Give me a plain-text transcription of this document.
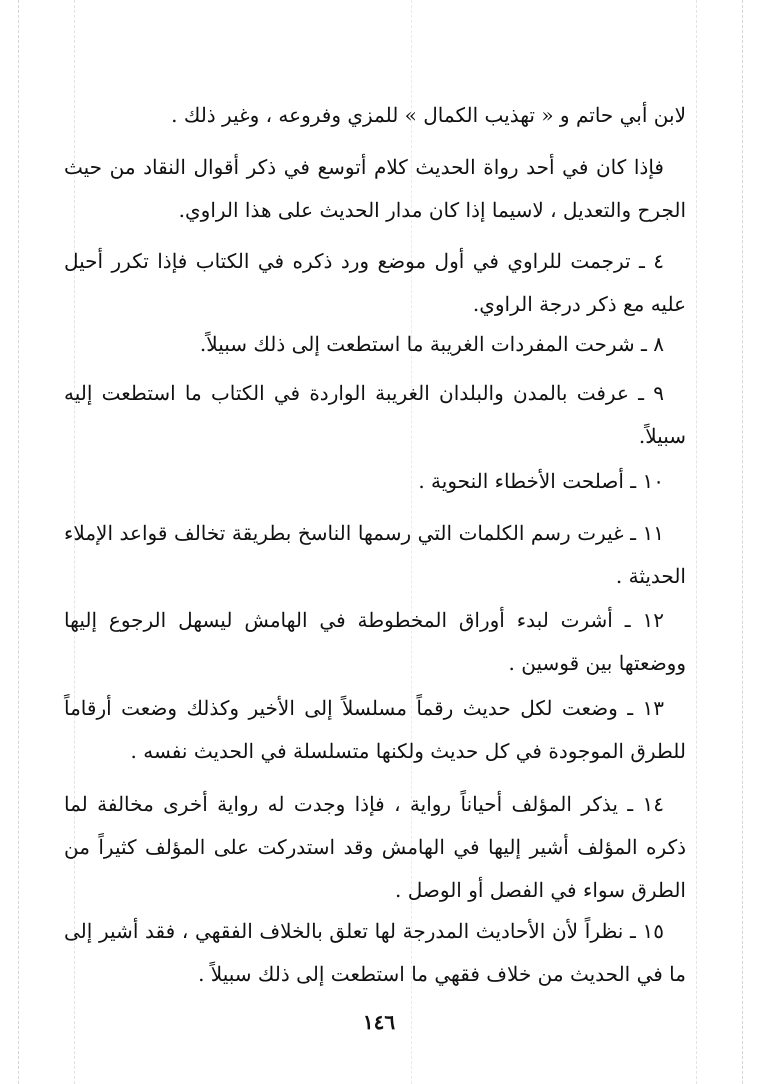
لابن أبي حاتم و « تهذيب الكمال » للمزي وفروعه ، وغير ذلك .

فإذا كان في أحد رواة الحديث كلام أتوسع في ذكر أقوال النقاد من حيث الجرح والتعديل ، لاسيما إذا كان مدار الحديث على هذا الراوي.

٤ ـ ترجمت للراوي في أول موضع ورد ذكره في الكتاب فإذا تكرر أحيل عليه مع ذكر درجة الراوي.

٨ ـ شرحت المفردات الغريبة ما استطعت إلى ذلك سبيلاً.

٩ ـ عرفت بالمدن والبلدان الغريبة الواردة في الكتاب ما استطعت إليه سبيلاً.

١٠ ـ أصلحت الأخطاء النحوية .

١١ ـ غيرت رسم الكلمات التي رسمها الناسخ بطريقة تخالف قواعد الإملاء الحديثة .

١٢ ـ أشرت لبدء أوراق المخطوطة في الهامش ليسهل الرجوع إليها ووضعتها بين قوسين .

١٣ ـ وضعت لكل حديث رقماً مسلسلاً إلى الأخير وكذلك وضعت أرقاماً للطرق الموجودة في كل حديث ولكنها متسلسلة في الحديث نفسه .

١٤ ـ يذكر المؤلف أحياناً رواية ، فإذا وجدت له رواية أخرى مخالفة لما ذكره المؤلف أشير إليها في الهامش وقد استدركت على المؤلف كثيراً من الطرق سواء في الفصل أو الوصل .

١٥ ـ نظراً لأن الأحاديث المدرجة لها تعلق بالخلاف الفقهي ، فقد أشير إلى ما في الحديث من خلاف فقهي ما استطعت إلى ذلك سبيلاً .

١٤٦
